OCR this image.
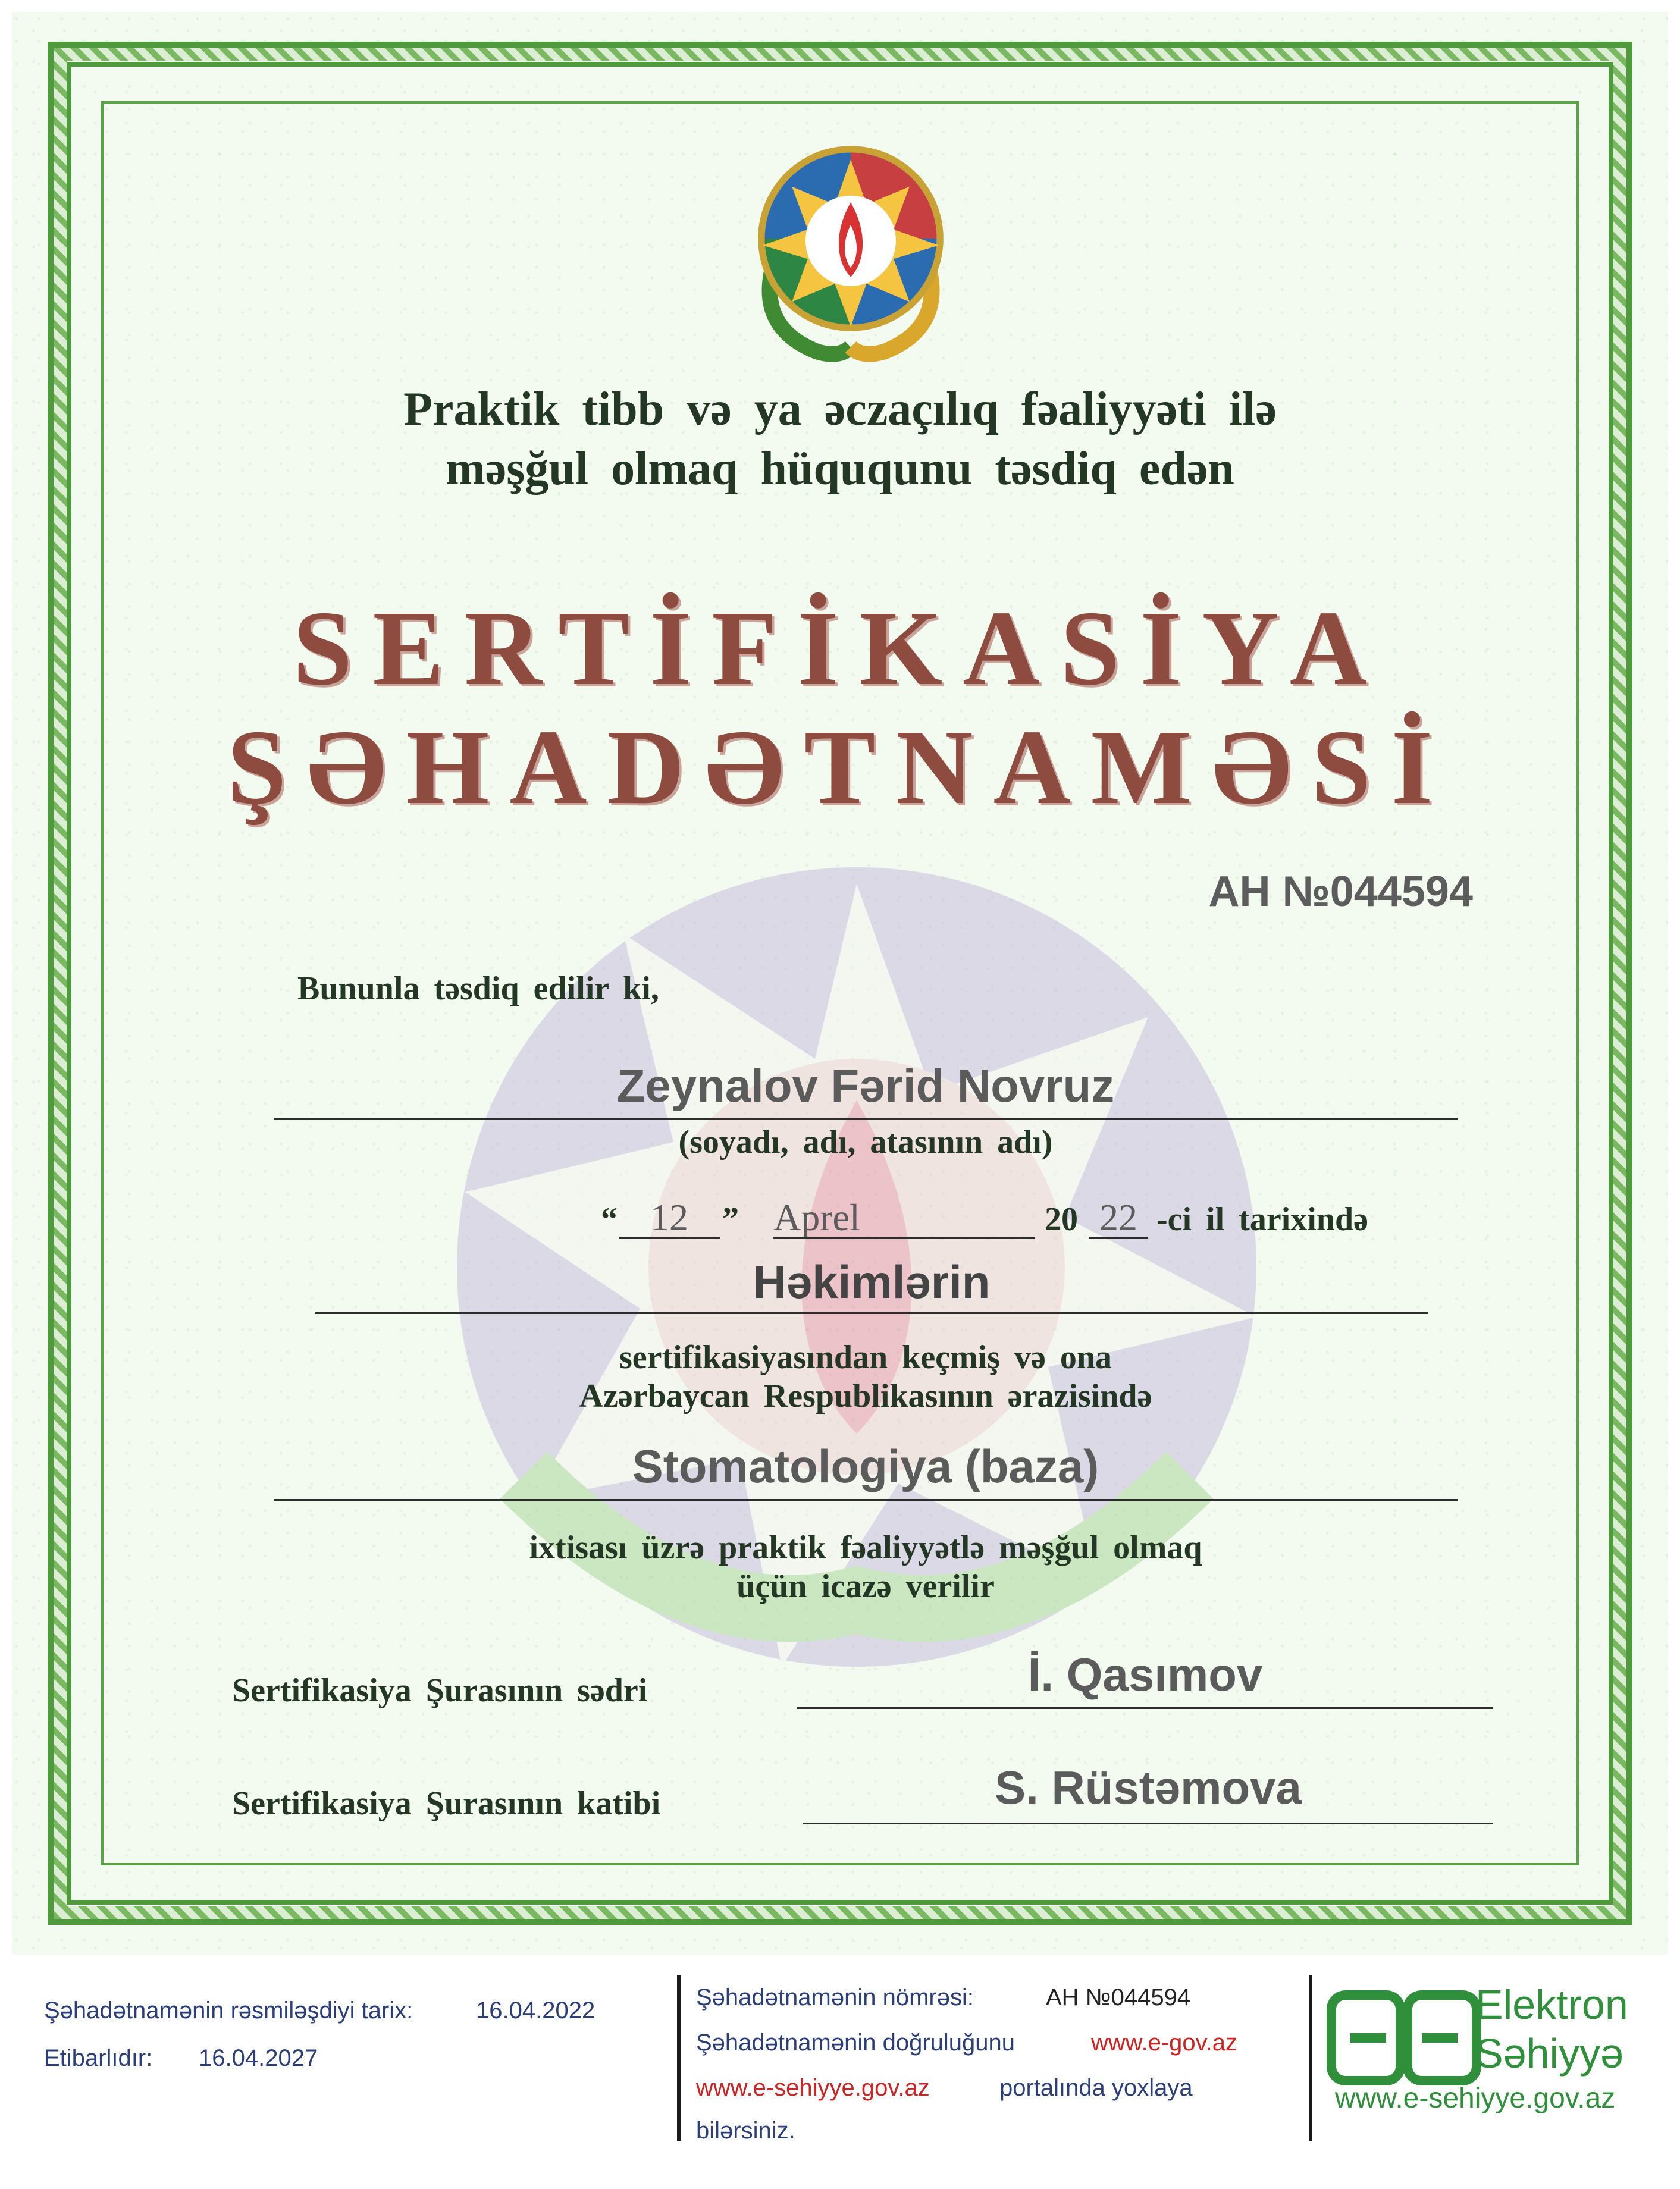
Praktik tibb və ya əczaçılıq fəaliyyəti ilə
məşğul olmaq hüququnu təsdiq edən
SERTİFİKASİYA
ŞƏHADƏTNAMƏSİ
AH №044594
Bununla təsdiq edilir ki,
Zeynalov Fərid Novruz
(soyadı, adı, atasının adı)
“ 12	” Aprel	20 22 -ci il tarixində
Həkimlərin
sertifikasiyasından keçmiş və ona
Azərbaycan Respublikasının ərazisində
Stomatologiya (baza)
ixtisası üzrə praktik fəaliyyətlə məşğul olmaq
üçün icazə verilir
Sertifikasiya Şurasının sədri	İ. Qasımov
Sertifikasiya Şurasının katibi	S. Rüstəmova
Şəhadətnamənin rəsmiləşdiyi tarix:	16.04.2022
Etibarlıdır: 16.04.2027
Şəhadətnamənin nömrəsi:	AH №044594
Şəhadətnamənin doğruluğunu	www.e-gov.az
www.e-sehiyye.gov.az	portalında yoxlaya
bilərsiniz.
Elektron
Səhiyyə
www.e-sehiyye.gov.az
